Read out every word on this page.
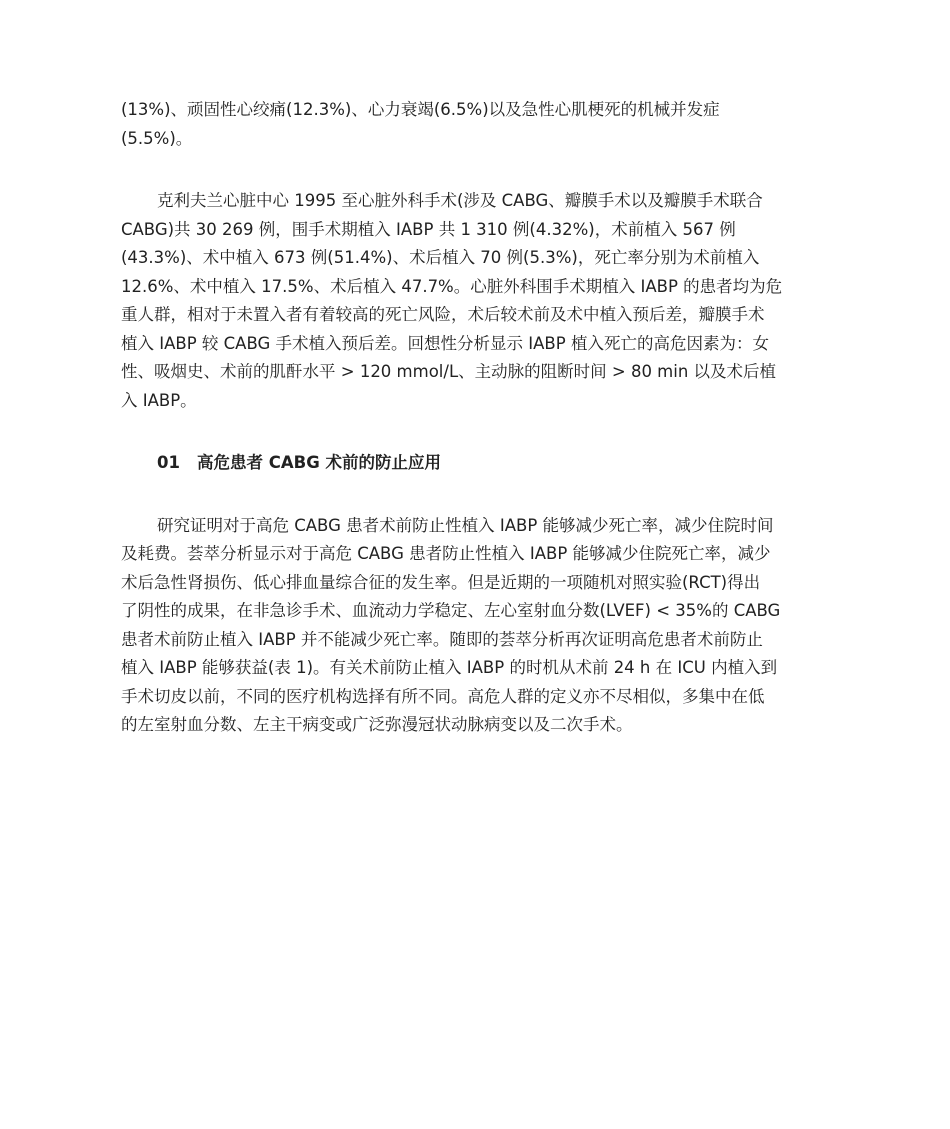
(13%)、顽固性心绞痛(12.3%)、心力衰竭(6.5%)以及急性心肌梗死的机械并发症
(5.5%)。

克利夫兰心脏中心 1995 至心脏外科手术(涉及 CABG、瓣膜手术以及瓣膜手术联合
CABG)共 30 269 例，围手术期植入 IABP 共 1 310 例(4.32%)，术前植入 567 例
(43.3%)、术中植入 673 例(51.4%)、术后植入 70 例(5.3%)，死亡率分别为术前植入
12.6%、术中植入 17.5%、术后植入 47.7%。心脏外科围手术期植入 IABP 的患者均为危
重人群，相对于未置入者有着较高的死亡风险，术后较术前及术中植入预后差，瓣膜手术
植入 IABP 较 CABG 手术植入预后差。回想性分析显示 IABP 植入死亡的高危因素为：女
性、吸烟史、术前的肌酐水平 > 120 mmol/L、主动脉的阻断时间 > 80 min 以及术后植
入 IABP。

01 高危患者 CABG 术前的防止应用

研究证明对于高危 CABG 患者术前防止性植入 IABP 能够减少死亡率，减少住院时间
及耗费。荟萃分析显示对于高危 CABG 患者防止性植入 IABP 能够减少住院死亡率，减少
术后急性肾损伤、低心排血量综合征的发生率。但是近期的一项随机对照实验(RCT)得出
了阴性的成果，在非急诊手术、血流动力学稳定、左心室射血分数(LVEF) < 35%的 CABG
患者术前防止植入 IABP 并不能减少死亡率。随即的荟萃分析再次证明高危患者术前防止
植入 IABP 能够获益(表 1)。有关术前防止植入 IABP 的时机从术前 24 h 在 ICU 内植入到
手术切皮以前，不同的医疗机构选择有所不同。高危人群的定义亦不尽相似，多集中在低
的左室射血分数、左主干病变或广泛弥漫冠状动脉病变以及二次手术。
